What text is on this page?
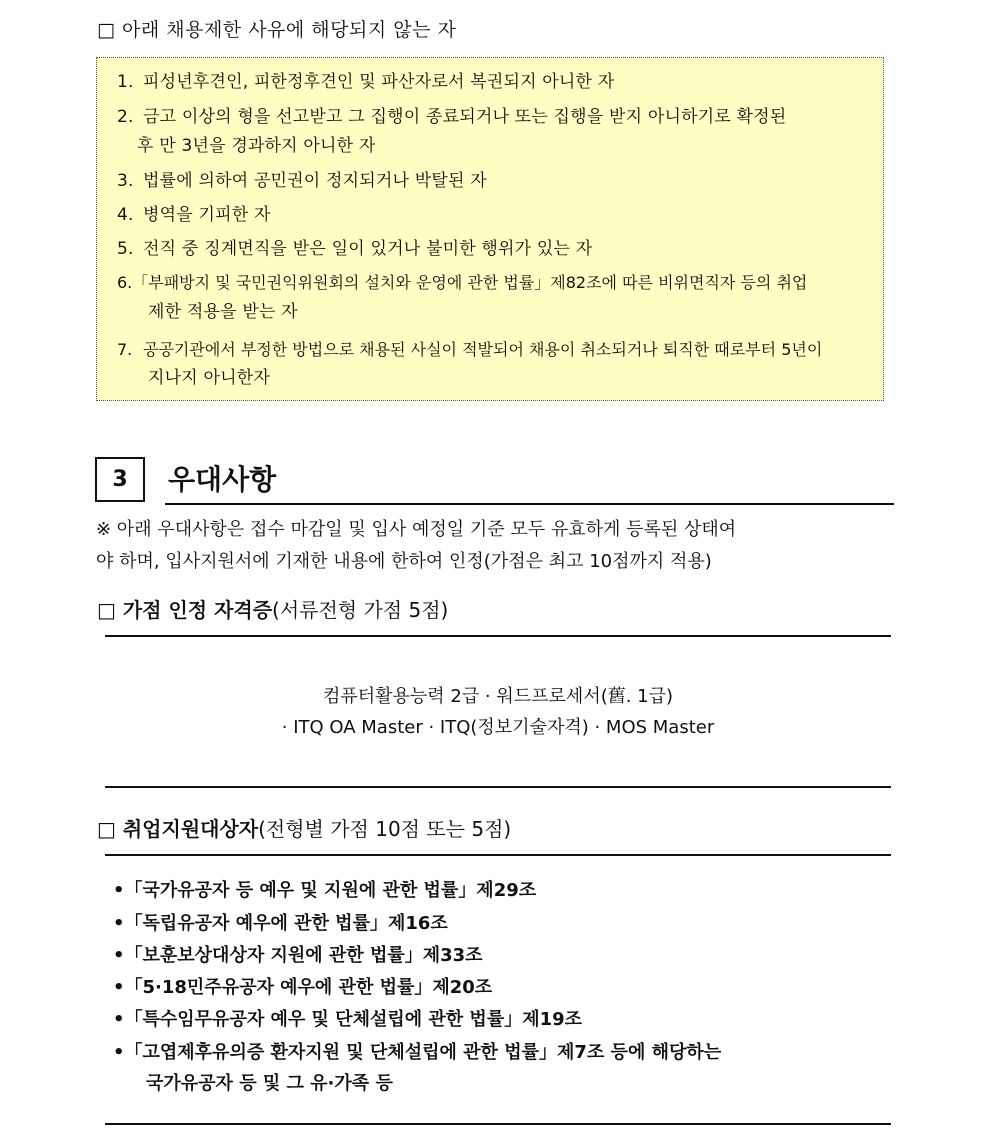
□ 아래 채용제한 사유에 해당되지 않는 자
1. 피성년후견인, 피한정후견인 및 파산자로서 복권되지 아니한 자
2. 금고 이상의 형을 선고받고 그 집행이 종료되거나 또는 집행을 받지 아니하기로 확정된
후 만 3년을 경과하지 아니한 자
3. 법률에 의하여 공민권이 정지되거나 박탈된 자
4. 병역을 기피한 자
5. 전직 중 징계면직을 받은 일이 있거나 불미한 행위가 있는 자
6.「부패방지 및 국민권익위원회의 설치와 운영에 관한 법률」제82조에 따른 비위면직자 등의 취업
제한 적용을 받는 자
7. 공공기관에서 부정한 방법으로 채용된 사실이 적발되어 채용이 취소되거나 퇴직한 때로부터 5년이
지나지 아니한자
3 우대사항
※ 아래 우대사항은 접수 마감일 및 입사 예정일 기준 모두 유효하게 등록된 상태여
야 하며, 입사지원서에 기재한 내용에 한하여 인정(가점은 최고 10점까지 적용)
□ 가점 인정 자격증(서류전형 가점 5점)
컴퓨터활용능력 2급 · 워드프로세서(舊. 1급)
· ITQ OA Master · ITQ(정보기술자격) · MOS Master
□ 취업지원대상자(전형별 가점 10점 또는 5점)
•「국가유공자 등 예우 및 지원에 관한 법률」제29조
•「독립유공자 예우에 관한 법률」제16조
•「보훈보상대상자 지원에 관한 법률」제33조
•「5·18민주유공자 예우에 관한 법률」제20조
•「특수임무유공자 예우 및 단체설립에 관한 법률」제19조
•「고엽제후유의증 환자지원 및 단체설립에 관한 법률」제7조 등에 해당하는
국가유공자 등 및 그 유·가족 등
